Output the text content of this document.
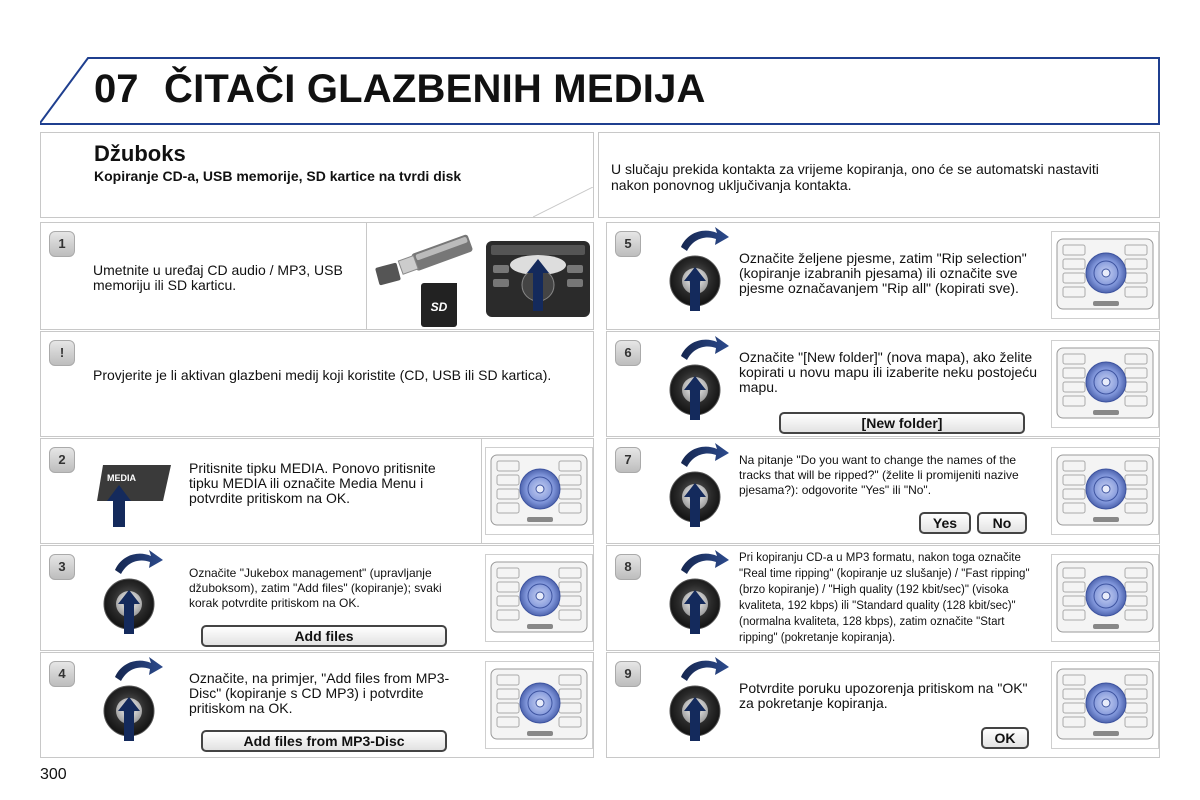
07 ČITAČI GLAZBENIH MEDIJA
Džuboks
Kopiranje CD-a, USB memorije, SD kartice na tvrdi disk	U slučaju prekida kontakta za vrijeme kopiranja, ono će se automatski nastaviti nakon ponovnog uključivanja kontakta.
1
Umetnite u uređaj CD audio / MP3, USB memoriju ili SD karticu.
SD
!
Provjerite je li aktivan glazbeni medij koji koristite (CD, USB ili SD kartica).
2
MEDIA
Pritisnite tipku MEDIA. Ponovo pritisnite tipku MEDIA ili označite Media Menu i potvrdite pritiskom na OK.
3	Označite "Jukebox management" (upravljanje džuboksom), zatim "Add files" (kopiranje); svaki korak potvrdite pritiskom na OK.
Add files
4	Označite, na primjer, "Add files from MP3-Disc" (kopiranje s CD MP3) i potvrdite pritiskom na OK.
Add files from MP3-Disc
5
Označite željene pjesme, zatim "Rip selection" (kopiranje izabranih pjesama) ili označite sve pjesme označavanjem "Rip all" (kopirati sve).
6	Označite "[New folder]" (nova mapa), ako želite kopirati u novu mapu ili izaberite neku postojeću mapu.
[New folder]
7	Na pitanje "Do you want to change the names of the tracks that will be ripped?" (želite li promijeniti nazive pjesama?): odgovorite "Yes" ili "No".
Yes	No
8
Pri kopiranju CD-a u MP3 formatu, nakon toga označite "Real time ripping" (kopiranje uz slušanje) / "Fast ripping" (brzo kopiranje) / "High quality (192 kbit/sec)" (visoka kvaliteta, 192 kbps) ili "Standard quality (128 kbit/sec)" (normalna kvaliteta, 128 kbps), zatim označite "Start ripping" (pokretanje kopiranja).
9
Potvrdite poruku upozorenja pritiskom na "OK" za pokretanje kopiranja.
OK
300
